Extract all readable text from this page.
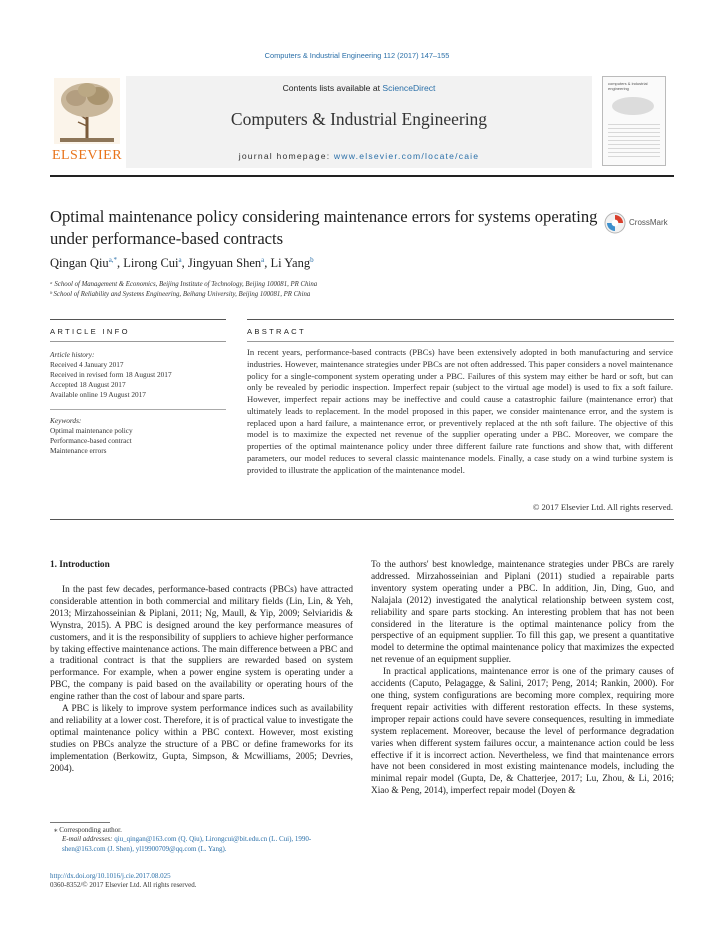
Computers & Industrial Engineering 112 (2017) 147–155
ELSEVIER
Contents lists available at ScienceDirect
Computers & Industrial Engineering
journal homepage: www.elsevier.com/locate/caie
computers & industrial engineering
Optimal maintenance policy considering maintenance errors for systems operating under performance-based contracts
CrossMark
Qingan Qiu$^{a,*}$, Lirong Cui$^a$, Jingyuan Shen$^a$, Li Yang$^b$
ᵃ School of Management & Economics, Beijing Institute of Technology, Beijing 100081, PR China
ᵇ School of Reliability and Systems Engineering, Beihang University, Beijing 100081, PR China
ARTICLE INFO	ABSTRACT
Article history:
Received 4 January 2017
Received in revised form 18 August 2017
Accepted 18 August 2017
Available online 19 August 2017
Keywords:
Optimal maintenance policy
Performance-based contract
Maintenance errors
In recent years, performance-based contracts (PBCs) have been extensively adopted in both manufacturing and service industries. However, maintenance strategies under PBCs are not often addressed. This paper considers a novel maintenance policy for a single-component system operating under a PBC. Failures of this system may either be hard or soft, but can only be revealed by periodic inspection. Imperfect repair (subject to the virtual age model) is used to fix a soft failure. However, imperfect repair actions may be ineffective and could cause a catastrophic failure (maintenance error) that ultimately leads to replacement. In the model proposed in this paper, we consider maintenance error, and the system is replaced upon a hard failure, a maintenance error, or preventively replaced at the nth soft failure. The objective of this model is to maximize the expected net revenue of the supplier operating under a PBC. Moreover, we compare the properties of the optimal maintenance policy under three different failure rate functions and show that, with different parameters, our model reduces to several classic maintenance models. Finally, a case study on a wind turbine system is provided to illustrate the application of the maintenance model.
© 2017 Elsevier Ltd. All rights reserved.
1. Introduction

In the past few decades, performance-based contracts (PBCs) have attracted considerable attention in both commercial and military fields (Lin, Lin, & Yeh, 2013; Mirzahosseinian & Piplani, 2011; Ng, Maull, & Yip, 2009; Selviaridis & Wynstra, 2015). A PBC is designed around the key performance measures of customers, and it is the responsibility of suppliers to achieve higher performance by taking effective maintenance actions. The main difference between a PBC and a traditional contract is that the suppliers are rewarded based on system performance. For example, when a power engine system is operating under a PBC, the company is paid based on the availability or operating hours of the engine rather than the cost of labour and spare parts.

A PBC is likely to improve system performance indices such as availability and reliability at a lower cost. Therefore, it is of practical value to investigate the optimal maintenance policy within a PBC context. However, most existing studies on PBCs analyze the structure of a PBC or define frameworks for its implementation (Berkowitz, Gupta, Simpson, & Mcwilliams, 2005; Devries, 2004).

To the authors' best knowledge, maintenance strategies under PBCs are rarely addressed. Mirzahosseinian and Piplani (2011) studied a repairable parts inventory system operating under a PBC. In addition, Jin, Ding, Guo, and Nalajala (2012) investigated the analytical relationship between system cost, reliability and spare parts stocking. An interesting problem that has not been considered in the literature is the optimal maintenance policy from the perspective of an equipment supplier. To fill this gap, we present a quantitative model to determine the optimal maintenance policy that maximizes the expected net revenue of an equipment supplier.

In practical applications, maintenance error is one of the primary causes of accidents (Caputo, Pelagagge, & Salini, 2017; Peng, 2014; Rankin, 2000). For one thing, system configurations are becoming more complex, requiring more frequent repair activities with different restoration effects. In these systems, improper repair actions could have severe consequences, resulting in immediate system replacement. Moreover, because the level of performance degradation varies when different system failures occur, a maintenance action could be less effective if it is incorrect action. Nevertheless, we find that maintenance errors have not been considered in most existing maintenance models, including the minimal repair model (Gupta, De, & Chatterjee, 2017; Lu, Zhou, & Li, 2016; Xiao & Peng, 2014), imperfect repair model (Doyen &

⁎ Corresponding author.
E-mail addresses: qiu_qingan@163.com (Q. Qiu), Lirongcui@bit.edu.cn (L. Cui), 1990-shen@163.com (J. Shen), yl19900709@qq.com (L. Yang).
http://dx.doi.org/10.1016/j.cie.2017.08.025
0360-8352/© 2017 Elsevier Ltd. All rights reserved.
